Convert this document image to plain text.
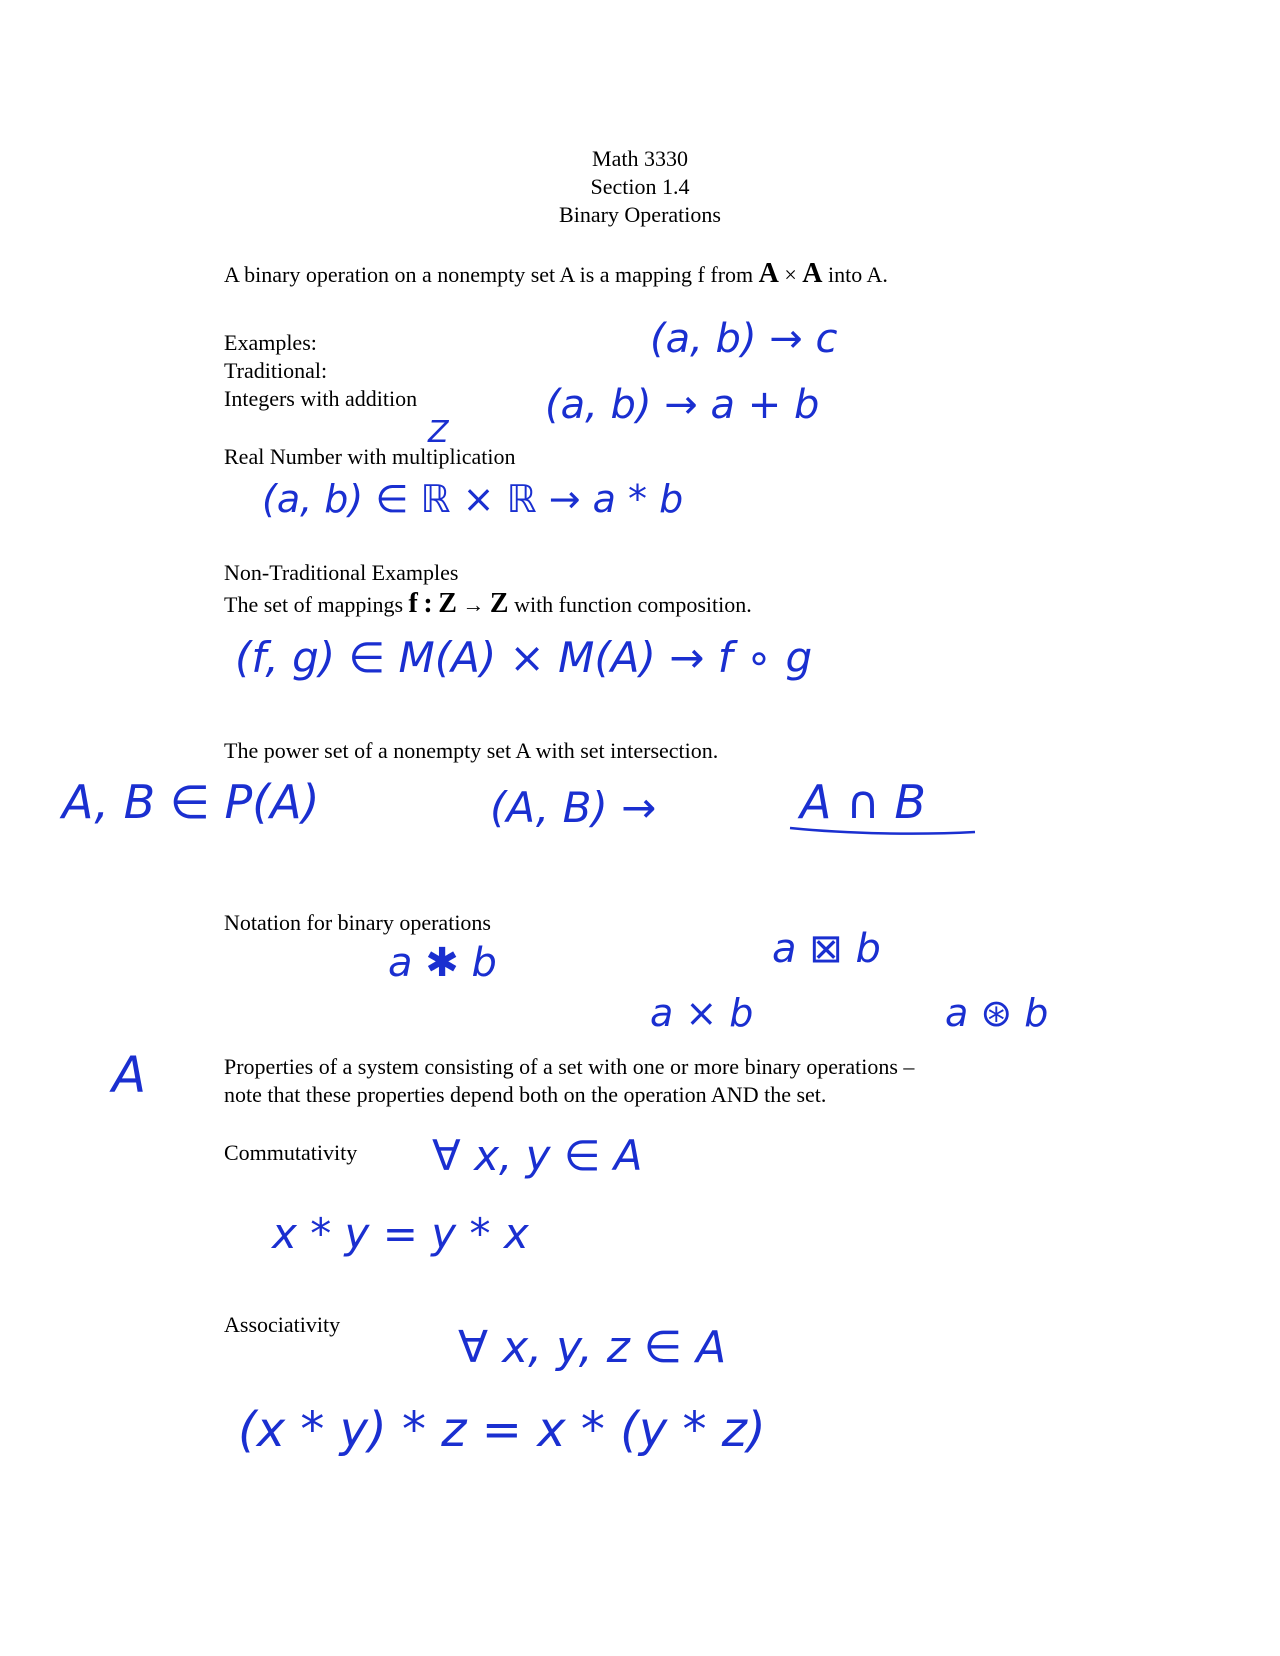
Math 3330
Section 1.4
Binary Operations
A binary operation on a nonempty set A is a mapping f from A × A into A.
Examples:
Traditional:
Integers with addition
Real Number with multiplication
Non-Traditional Examples
The set of mappings f : Z → Z with function composition.
The power set of a nonempty set A with set intersection.
Notation for binary operations
Properties of a system consisting of a set with one or more binary operations –
note that these properties depend both on the operation AND the set.
Commutativity
Associativity
(a, b) → c
(a, b) → a + b
Z
(a, b) ∈ ℝ × ℝ → a * b
(f, g) ∈ M(A) × M(A) → f ∘ g
A, B ∈ P(A)	(A, B) →	A ∩ B
a ✱ b	a ⊠ b
a × b	a ⊛ b
A
∀ x, y ∈ A
x * y = y * x
∀ x, y, z ∈ A
(x * y) * z = x * (y * z)
